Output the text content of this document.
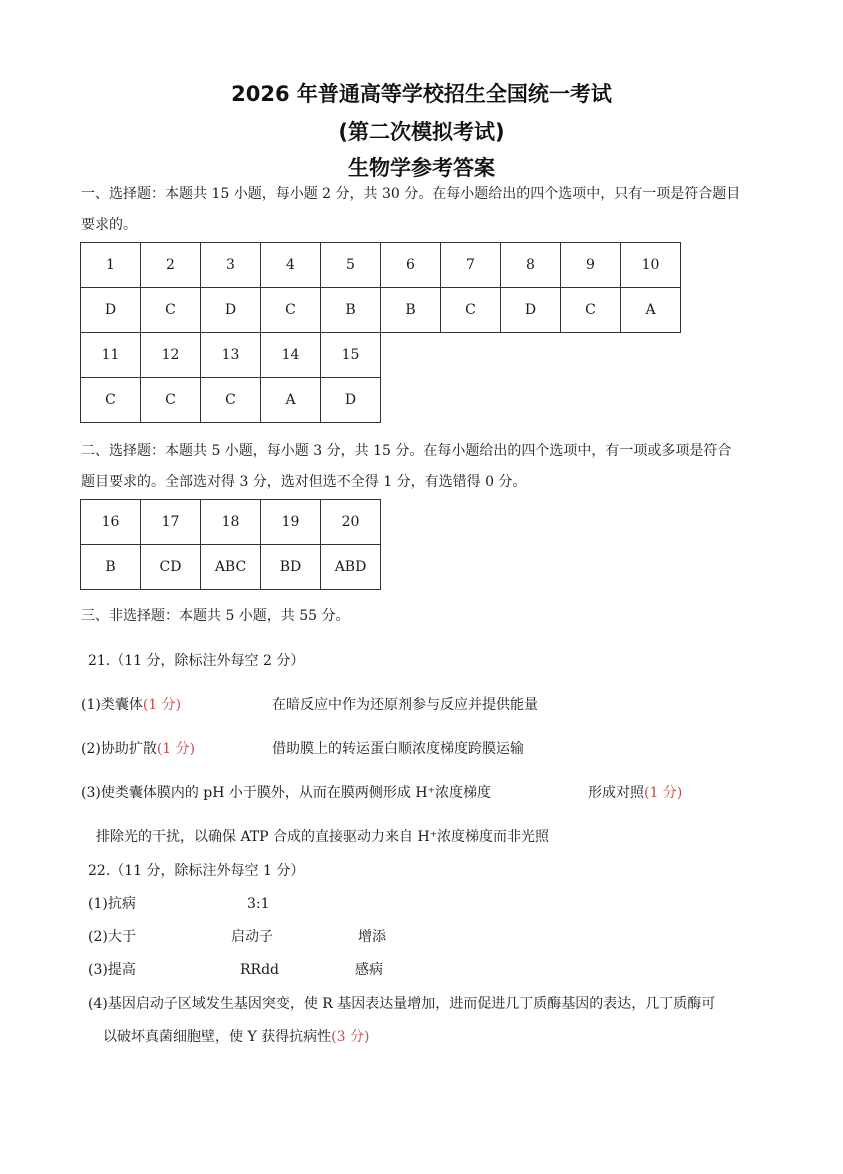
2026 年普通高等学校招生全国统一考试
(第二次模拟考试)
生物学参考答案
一、选择题：本题共 15 小题，每小题 2 分，共 30 分。在每小题给出的四个选项中，只有一项是符合题目
要求的。
1	2	3	4	5	6	7	8	9	10
D	C	D	C	B	B	C	D	C	A
11	12	13	14	15					
C	C	C	A	D					
二、选择题：本题共 5 小题，每小题 3 分，共 15 分。在每小题给出的四个选项中，有一项或多项是符合
题目要求的。全部选对得 3 分，选对但选不全得 1 分，有选错得 0 分。
16	17	18	19	20
B	CD	ABC	BD	ABD
三、非选择题：本题共 5 小题，共 55 分。
21.（11 分，除标注外每空 2 分）
(1)类囊体(1 分)	在暗反应中作为还原剂参与反应并提供能量
(2)协助扩散(1 分)	借助膜上的转运蛋白顺浓度梯度跨膜运输
(3)使类囊体膜内的 pH 小于膜外，从而在膜两侧形成 H⁺浓度梯度	形成对照(1 分)
排除光的干扰，以确保 ATP 合成的直接驱动力来自 H⁺浓度梯度而非光照
22.（11 分，除标注外每空 1 分）
(1)抗病	3:1
(2)大于	启动子	增添
(3)提高	RRdd	感病
(4)基因启动子区域发生基因突变，使 R 基因表达量增加，进而促进几丁质酶基因的表达，几丁质酶可
以破坏真菌细胞壁，使 Y 获得抗病性(3 分)
